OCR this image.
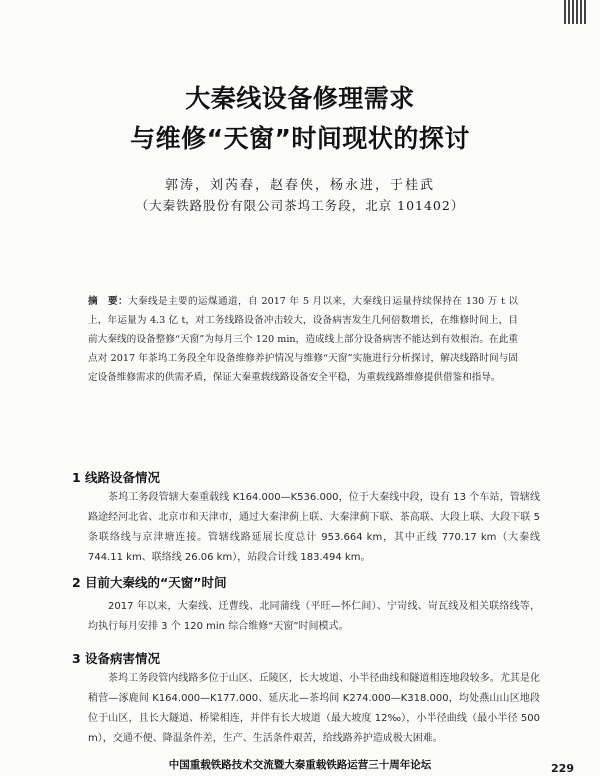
大秦线设备修理需求
与维修“天窗”时间现状的探讨
郭涛，刘芮春，赵春侠，杨永进，于桂武
（大秦铁路股份有限公司茶坞工务段，北京 101402）
摘　要：大秦线是主要的运煤通道，自 2017 年 5 月以来，大秦线日运量持续保持在 130 万 t 以上，年运量为 4.3 亿 t，对工务线路设备冲击较大，设备病害发生几何倍数增长，在维修时间上，目前大秦线的设备整修“天窗”为每月三个 120 min，造成线上部分设备病害不能达到有效根治。在此重点对 2017 年茶坞工务段全年设备维修养护情况与维修“天窗”实施进行分析探讨，解决线路时间与固定设备维修需求的供需矛盾，保证大秦重载线路设备安全平稳，为重载线路维修提供借鉴和指导。
1 线路设备情况
茶坞工务段管辖大秦重载线 K164.000—K536.000，位于大秦线中段，设有 13 个车站，管辖线路途经河北省、北京市和天津市，通过大秦津蓟上联、大秦津蓟下联、茶高联、大段上联、大段下联 5 条联络线与京津塘连接。管辖线路延展长度总计 953.664 km，其中正线 770.17 km（大秦线 744.11 km、联络线 26.06 km），站段合计线 183.494 km。
2 目前大秦线的“天窗”时间
2017 年以来，大秦线、迁曹线、北同蒲线（平旺—怀仁间）、宁岢线、岢瓦线及相关联络线等，均执行每月安排 3 个 120 min 综合维修“天窗”时间模式。
3 设备病害情况
茶坞工务段管内线路多位于山区、丘陵区，长大坡道、小半径曲线和隧道相连地段较多。尤其是化稍营—涿鹿间 K164.000—K177.000、延庆北—茶坞间 K274.000—K318.000，均处燕山山区地段位于山区，且长大隧道、桥梁相连，并伴有长大坡道（最大坡度 12‰），小半径曲线（最小半径 500 m），交通不便、降温条件差，生产、生活条件艰苦，给线路养护造成极大困难。
中国重载铁路技术交流暨大秦重载铁路运营三十周年论坛	229
